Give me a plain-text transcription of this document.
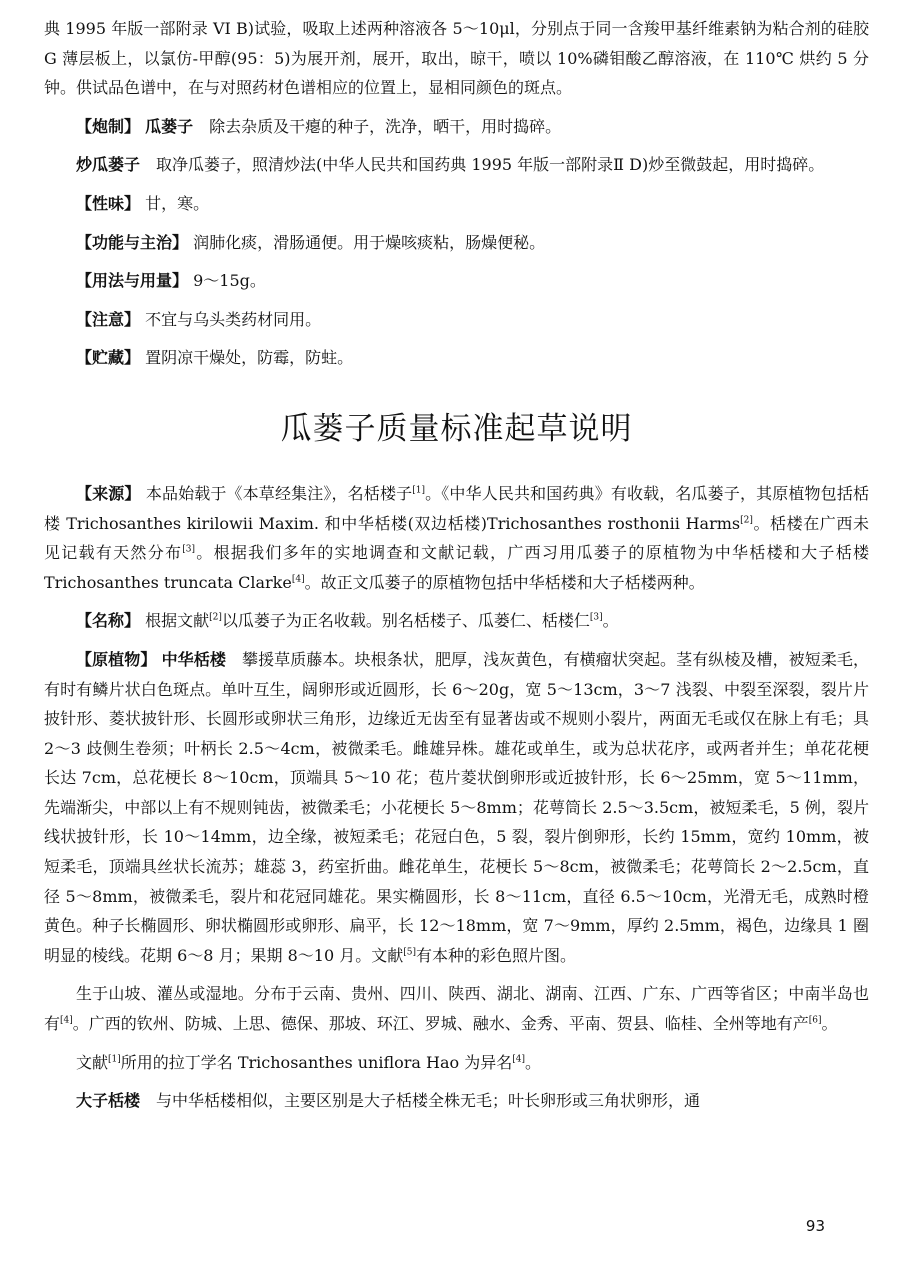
典 1995 年版一部附录 VI B)试验，吸取上述两种溶液各 5～10μl，分别点于同一含羧甲基纤维素钠为粘合剂的硅胶 G 薄层板上，以氯仿-甲醇(95：5)为展开剂，展开，取出，晾干，喷以 10%磷钼酸乙醇溶液，在 110℃ 烘约 5 分钟。供试品色谱中，在与对照药材色谱相应的位置上，显相同颜色的斑点。

【炮制】 瓜蒌子　 除去杂质及干瘪的种子，洗净，晒干，用时捣碎。

炒瓜蒌子　 取净瓜蒌子，照清炒法(中华人民共和国药典 1995 年版一部附录Ⅱ D)炒至微鼓起，用时捣碎。

【性味】 甘，寒。

【功能与主治】 润肺化痰，滑肠通便。用于燥咳痰粘，肠燥便秘。

【用法与用量】 9～15g。

【注意】 不宜与乌头类药材同用。

【贮藏】 置阴凉干燥处，防霉，防蛀。

瓜蒌子质量标准起草说明

【来源】 本品始载于《本草经集注》，名栝楼子[1]。《中华人民共和国药典》有收载，名瓜蒌子，其原植物包括栝楼 Trichosanthes kirilowii Maxim. 和中华栝楼(双边栝楼)Trichosanthes rosthonii Harms[2]。栝楼在广西未见记载有天然分布[3]。根据我们多年的实地调查和文献记载，广西习用瓜蒌子的原植物为中华栝楼和大子栝楼 Trichosanthes truncata Clarke[4]。故正文瓜蒌子的原植物包括中华栝楼和大子栝楼两种。

【名称】 根据文献[2]以瓜蒌子为正名收载。别名栝楼子、瓜蒌仁、栝楼仁[3]。

【原植物】 中华栝楼　 攀援草质藤本。块根条状，肥厚，浅灰黄色，有横瘤状突起。茎有纵棱及槽，被短柔毛，有时有鳞片状白色斑点。单叶互生，阔卵形或近圆形，长 6～20g，宽 5～13cm，3～7 浅裂、中裂至深裂，裂片片披针形、菱状披针形、长圆形或卵状三角形，边缘近无齿至有显著齿或不规则小裂片，两面无毛或仅在脉上有毛；具 2～3 歧侧生卷须；叶柄长 2.5～4cm，被微柔毛。雌雄异株。雄花或单生，或为总状花序，或两者并生；单花花梗长达 7cm，总花梗长 8～10cm，顶端具 5～10 花；苞片菱状倒卵形或近披针形，长 6～25mm，宽 5～11mm，先端渐尖，中部以上有不规则钝齿，被微柔毛；小花梗长 5～8mm；花萼筒长 2.5～3.5cm，被短柔毛，5 例，裂片线状披针形，长 10～14mm，边全缘，被短柔毛；花冠白色，5 裂，裂片倒卵形，长约 15mm，宽约 10mm，被短柔毛，顶端具丝状长流苏；雄蕊 3，药室折曲。雌花单生，花梗长 5～8cm，被微柔毛；花萼筒长 2～2.5cm，直径 5～8mm，被微柔毛，裂片和花冠同雄花。果实椭圆形，长 8～11cm，直径 6.5～10cm，光滑无毛，成熟时橙黄色。种子长椭圆形、卵状椭圆形或卵形、扁平，长 12～18mm，宽 7～9mm，厚约 2.5mm，褐色，边缘具 1 圈明显的棱线。花期 6～8 月；果期 8～10 月。文献[5]有本种的彩色照片图。

生于山坡、灌丛或湿地。分布于云南、贵州、四川、陕西、湖北、湖南、江西、广东、广西等省区；中南半岛也有[4]。广西的钦州、防城、上思、德保、那坡、环江、罗城、融水、金秀、平南、贺县、临桂、全州等地有产[6]。

文献[1]所用的拉丁学名 Trichosanthes uniflora Hao 为异名[4]。

大子栝楼　 与中华栝楼相似，主要区别是大子栝楼全株无毛；叶长卵形或三角状卵形，通

93
